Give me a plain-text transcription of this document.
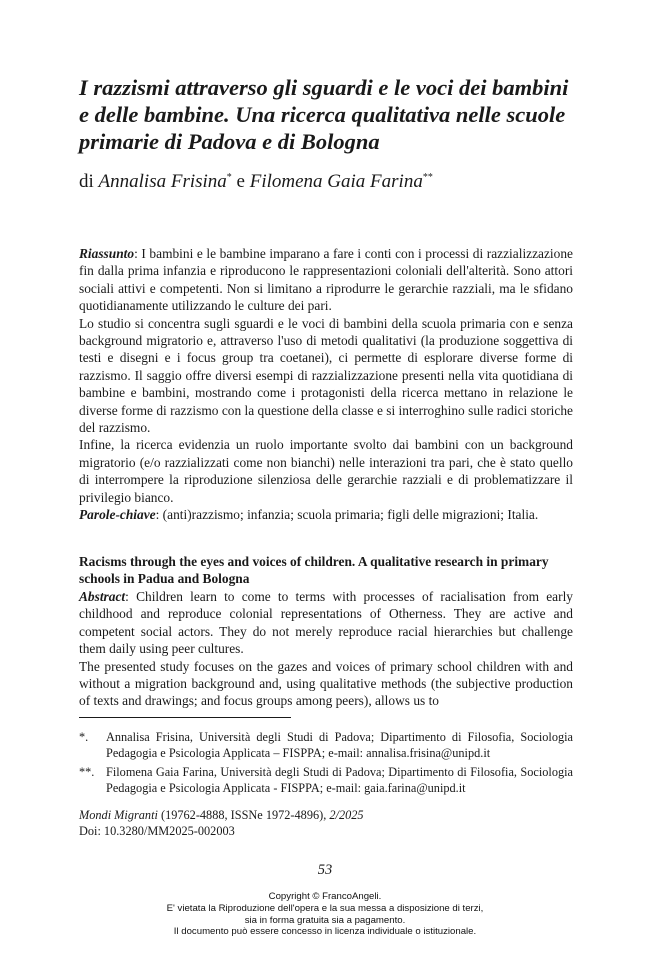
I razzismi attraverso gli sguardi e le voci dei bambini e delle bambine. Una ricerca qualitativa nelle scuole primarie di Padova e di Bologna

di Annalisa Frisina* e Filomena Gaia Farina**

Riassunto: I bambini e le bambine imparano a fare i conti con i processi di razzializzazione fin dalla prima infanzia e riproducono le rappresentazioni coloniali dell'alterità. Sono attori sociali attivi e competenti. Non si limitano a riprodurre le gerarchie razziali, ma le sfidano quotidianamente utilizzando le culture dei pari.

Lo studio si concentra sugli sguardi e le voci di bambini della scuola primaria con e senza background migratorio e, attraverso l'uso di metodi qualitativi (la produzione soggettiva di testi e disegni e i focus group tra coetanei), ci permette di esplorare diverse forme di razzismo. Il saggio offre diversi esempi di razzializzazione presenti nella vita quotidiana di bambine e bambini, mostrando come i protagonisti della ricerca mettano in relazione le diverse forme di razzismo con la questione della classe e si interroghino sulle radici storiche del razzismo.

Infine, la ricerca evidenzia un ruolo importante svolto dai bambini con un background migratorio (e/o razzializzati come non bianchi) nelle interazioni tra pari, che è stato quello di interrompere la riproduzione silenziosa delle gerarchie razziali e di problematizzare il privilegio bianco.

Parole-chiave: (anti)razzismo; infanzia; scuola primaria; figli delle migrazioni; Italia.

Racisms through the eyes and voices of children. A qualitative research in primary schools in Padua and Bologna

Abstract: Children learn to come to terms with processes of racialisation from early childhood and reproduce colonial representations of Otherness. They are active and competent social actors. They do not merely reproduce racial hierarchies but challenge them daily using peer cultures.

The presented study focuses on the gazes and voices of primary school children with and without a migration background and, using qualitative methods (the subjective production of texts and drawings; and focus groups among peers), allows us to

*. Annalisa Frisina, Università degli Studi di Padova; Dipartimento di Filosofia, Sociologia Pedagogia e Psicologia Applicata – FISPPA; e-mail: annalisa.frisina@unipd.it

**. Filomena Gaia Farina, Università degli Studi di Padova; Dipartimento di Filosofia, Sociologia Pedagogia e Psicologia Applicata - FISPPA; e-mail: gaia.farina@unipd.it

Mondi Migranti (19762-4888, ISSNe 1972-4896), 2/2025
Doi: 10.3280/MM2025-002003
53
Copyright © FrancoAngeli.
E' vietata la Riproduzione dell'opera e la sua messa a disposizione di terzi,
sia in forma gratuita sia a pagamento.
Il documento può essere concesso in licenza individuale o istituzionale.
